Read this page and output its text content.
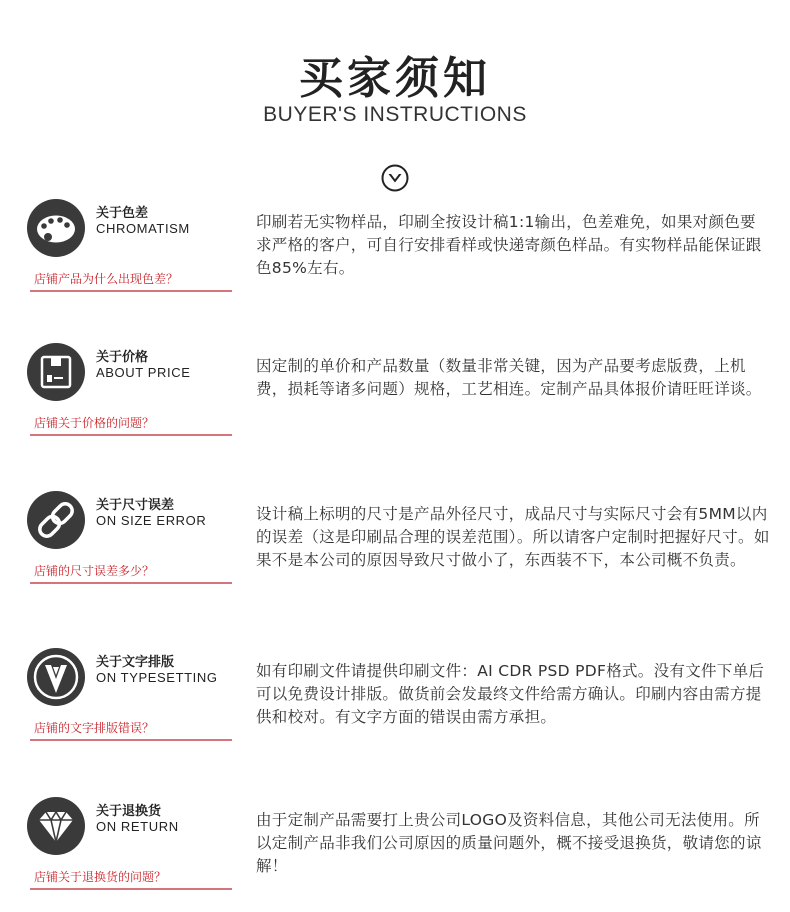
买家须知
BUYER'S INSTRUCTIONS
关于色差
CHROMATISM
店铺产品为什么出现色差？
印刷若无实物样品，印刷全按设计稿1:1输出，色差难免，如果对颜色要求严格的客户，可自行安排看样或快递寄颜色样品。有实物样品能保证跟色85%左右。
关于价格
ABOUT PRICE
店铺关于价格的问题？
因定制的单价和产品数量（数量非常关键，因为产品要考虑版费，上机费，损耗等诸多问题）规格，工艺相连。定制产品具体报价请旺旺详谈。
关于尺寸误差
ON SIZE ERROR
店铺的尺寸误差多少？
设计稿上标明的尺寸是产品外径尺寸，成品尺寸与实际尺寸会有5MM以内的误差（这是印刷品合理的误差范围）。所以请客户定制时把握好尺寸。如果不是本公司的原因导致尺寸做小了，东西装不下，本公司概不负责。
关于文字排版
ON TYPESETTING
店铺的文字排版错误？
如有印刷文件请提供印刷文件：AI CDR PSD PDF格式。没有文件下单后可以免费设计排版。做货前会发最终文件给需方确认。印刷内容由需方提供和校对。有文字方面的错误由需方承担。
关于退换货
ON RETURN
店铺关于退换货的问题？
由于定制产品需要打上贵公司LOGO及资料信息，其他公司无法使用。所以定制产品非我们公司原因的质量问题外，概不接受退换货，敬请您的谅解！
